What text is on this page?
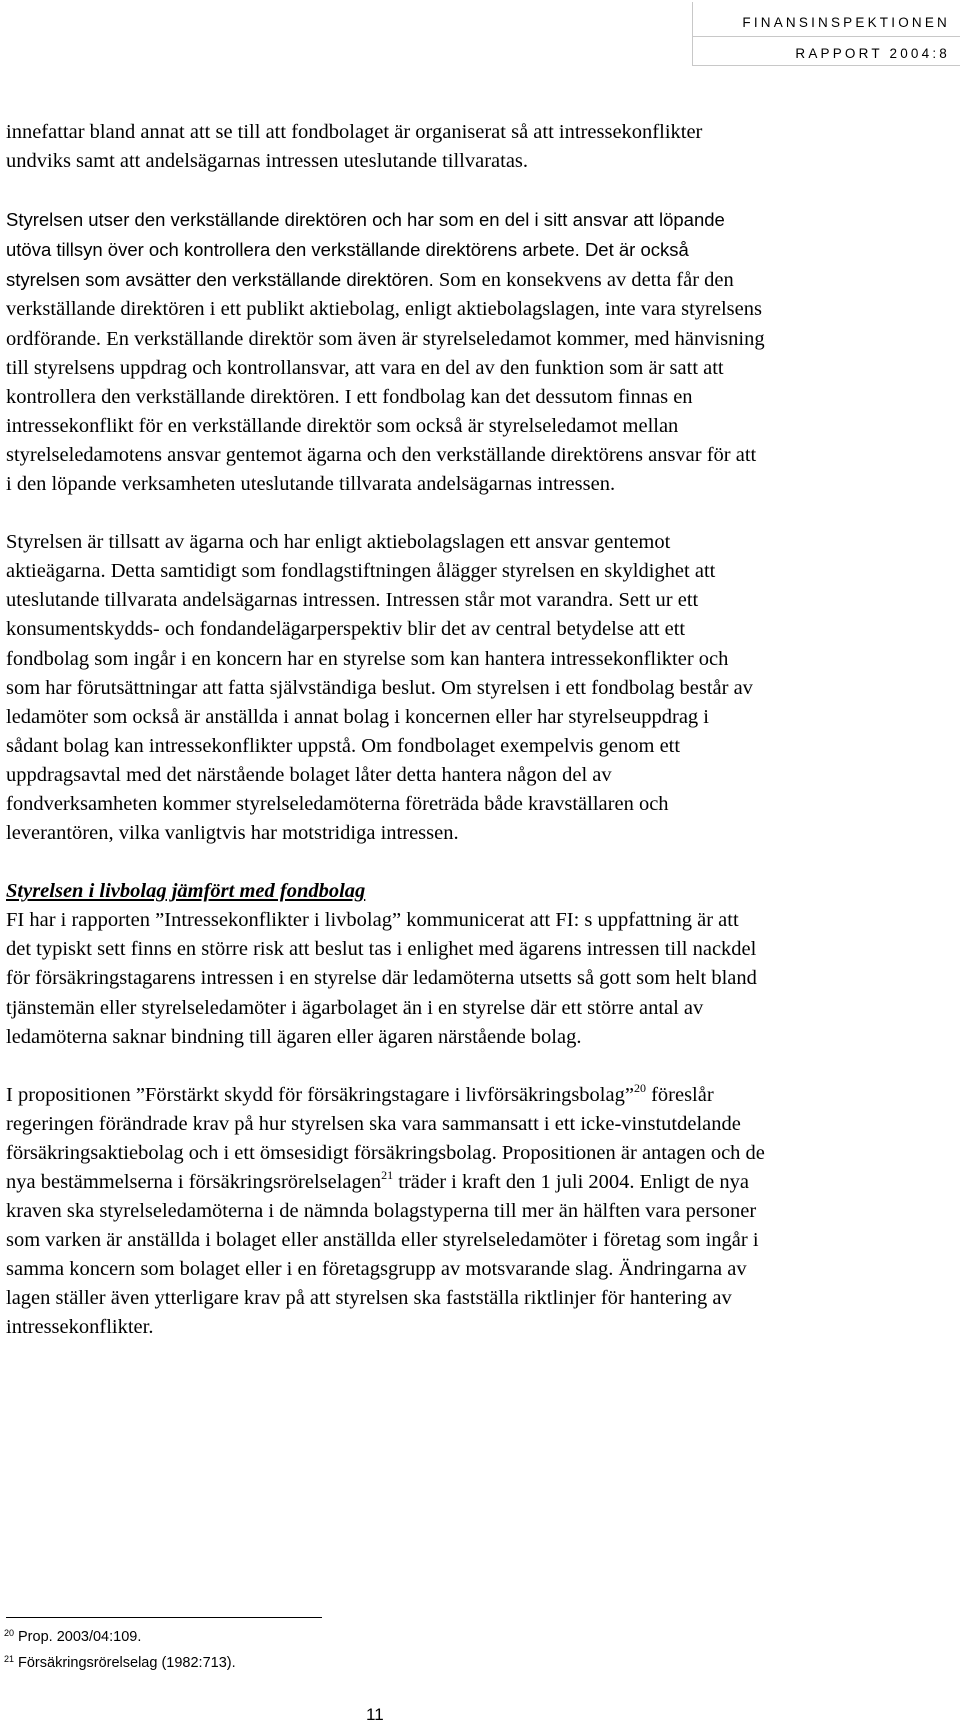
FINANSINSPEKTIONEN
RAPPORT 2004:8

innefattar bland annat att se till att fondbolaget är organiserat så att intressekonflikter undviks samt att andelsägarnas intressen uteslutande tillvaratas.

Styrelsen utser den verkställande direktören och har som en del i sitt ansvar att löpande utöva tillsyn över och kontrollera den verkställande direktörens arbete. Det är också styrelsen som avsätter den verkställande direktören. Som en konsekvens av detta får den verkställande direktören i ett publikt aktiebolag, enligt aktiebolagslagen, inte vara styrelsens ordförande. En verkställande direktör som även är styrelseledamot kommer, med hänvisning till styrelsens uppdrag och kontrollansvar, att vara en del av den funktion som är satt att kontrollera den verkställande direktören. I ett fondbolag kan det dessutom finnas en intressekonflikt för en verkställande direktör som också är styrelseledamot mellan styrelseledamotens ansvar gentemot ägarna och den verkställande direktörens ansvar för att i den löpande verksamheten uteslutande tillvarata andelsägarnas intressen.

Styrelsen är tillsatt av ägarna och har enligt aktiebolagslagen ett ansvar gentemot aktieägarna. Detta samtidigt som fondlagstiftningen ålägger styrelsen en skyldighet att uteslutande tillvarata andelsägarnas intressen. Intressen står mot varandra. Sett ur ett konsumentskydds- och fondandelägarperspektiv blir det av central betydelse att ett fondbolag som ingår i en koncern har en styrelse som kan hantera intressekonflikter och som har förutsättningar att fatta självständiga beslut. Om styrelsen i ett fondbolag består av ledamöter som också är anställda i annat bolag i koncernen eller har styrelseuppdrag i sådant bolag kan intressekonflikter uppstå. Om fondbolaget exempelvis genom ett uppdragsavtal med det närstående bolaget låter detta hantera någon del av fondverksamheten kommer styrelseledamöterna företräda både kravställaren och leverantören, vilka vanligtvis har motstridiga intressen.

Styrelsen i livbolag jämfört med fondbolag

FI har i rapporten ”Intressekonflikter i livbolag” kommunicerat att FI: s uppfattning är att det typiskt sett finns en större risk att beslut tas i enlighet med ägarens intressen till nackdel för försäkringstagarens intressen i en styrelse där ledamöterna utsetts så gott som helt bland tjänstemän eller styrelseledamöter i ägarbolaget än i en styrelse där ett större antal av ledamöterna saknar bindning till ägaren eller ägaren närstående bolag.

I propositionen ”Förstärkt skydd för försäkringstagare i livförsäkringsbolag”$^{20}$ föreslår regeringen förändrade krav på hur styrelsen ska vara sammansatt i ett icke-vinstutdelande försäkringsaktiebolag och i ett ömsesidigt försäkringsbolag. Propositionen är antagen och de nya bestämmelserna i försäkringsrörelselagen$^{21}$ träder i kraft den 1 juli 2004. Enligt de nya kraven ska styrelseledamöterna i de nämnda bolagstyperna till mer än hälften vara personer som varken är anställda i bolaget eller anställda eller styrelseledamöter i företag som ingår i samma koncern som bolaget eller i en företagsgrupp av motsvarande slag. Ändringarna av lagen ställer även ytterligare krav på att styrelsen ska fastställa riktlinjer för hantering av intressekonflikter.

$^{20}$ Prop. 2003/04:109.
$^{21}$ Försäkringsrörelselag (1982:713).
11
